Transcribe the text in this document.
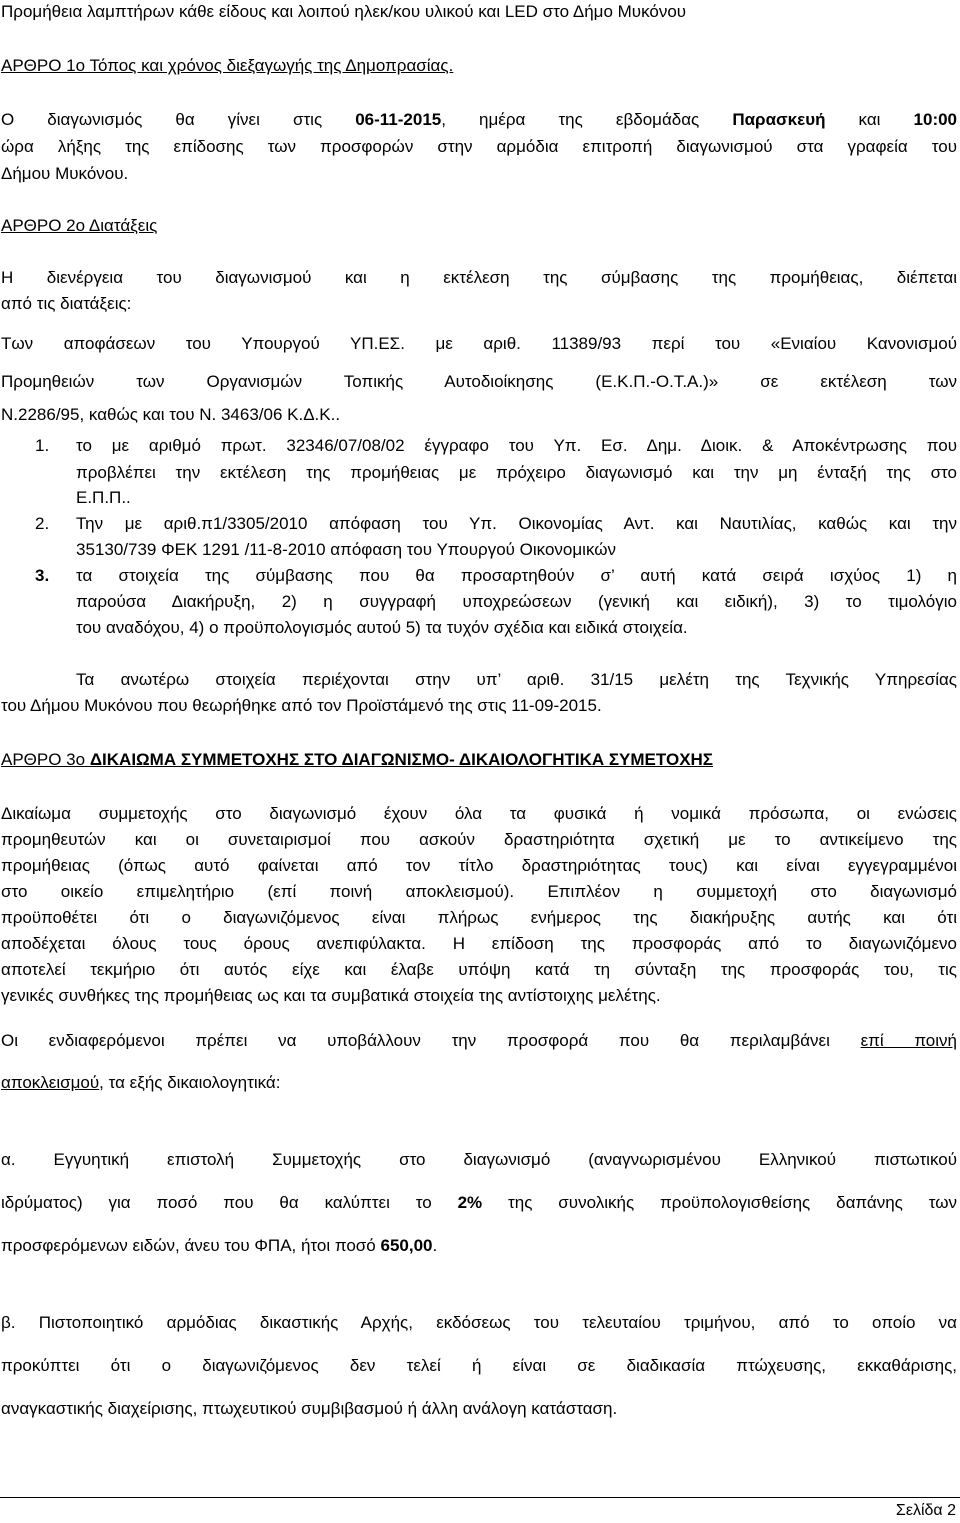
Προμήθεια λαμπτήρων κάθε είδους και λοιπού ηλεκ/κου υλικού και LED στο Δήμο Μυκόνου

ΑΡΘΡΟ 1ο Τόπος και χρόνος διεξαγωγής της Δημοπρασίας.

Ο διαγωνισμός θα γίνει στις 06-11-2015, ημέρα της εβδομάδας Παρασκευή και 10:00

ώρα λήξης της επίδοσης των προσφορών στην αρμόδια επιτροπή διαγωνισμού στα γραφεία του

Δήμου Μυκόνου.

ΑΡΘΡΟ 2ο Διατάξεις

Η διενέργεια του διαγωνισμού και η εκτέλεση της σύμβασης της προμήθειας, διέπεται

από τις διατάξεις:

Των αποφάσεων του Υπουργού ΥΠ.ΕΣ. με αριθ. 11389/93 περί του «Ενιαίου Κανονισμού

Προμηθειών των Οργανισμών Τοπικής Αυτοδιοίκησης (Ε.Κ.Π.-Ο.Τ.Α.)» σε εκτέλεση των

Ν.2286/95, καθώς και του Ν. 3463/06 Κ.Δ.Κ..

1. το με αριθμό πρωτ. 32346/07/08/02 έγγραφο του Υπ. Εσ. Δημ. Διοικ. & Αποκέντρωσης που

προβλέπει την εκτέλεση της προμήθειας με πρόχειρο διαγωνισμό και την μη ένταξή της στο

Ε.Π.Π..

2. Την με αριθ.π1/3305/2010 απόφαση του Υπ. Οικονομίας Αντ. και Ναυτιλίας, καθώς και την

35130/739 ΦΕΚ 1291 /11-8-2010 απόφαση του Υπουργού Οικονομικών

3. τα στοιχεία της σύμβασης που θα προσαρτηθούν σ’ αυτή κατά σειρά ισχύος 1) η

παρούσα Διακήρυξη, 2) η συγγραφή υποχρεώσεων (γενική και ειδική), 3) το τιμολόγιο

του αναδόχου, 4) ο προϋπολογισμός αυτού 5) τα τυχόν σχέδια και ειδικά στοιχεία.

Τα ανωτέρω στοιχεία περιέχονται στην υπ’ αριθ. 31/15 μελέτη της Τεχνικής Υπηρεσίας

του Δήμου Μυκόνου που θεωρήθηκε από τον Προϊστάμενό της στις 11-09-2015.

ΑΡΘΡΟ 3ο ΔΙΚΑΙΩΜΑ ΣΥΜΜΕΤΟΧΗΣ ΣΤΟ ΔΙΑΓΩΝΙΣΜΟ- ΔΙΚΑΙΟΛΟΓΗΤΙΚΑ ΣΥΜΕΤΟΧΗΣ

Δικαίωμα συμμετοχής στο διαγωνισμό έχουν όλα τα φυσικά ή νομικά πρόσωπα, οι ενώσεις

προμηθευτών και οι συνεταιρισμοί που ασκούν δραστηριότητα σχετική με το αντικείμενο της

προμήθειας (όπως αυτό φαίνεται από τον τίτλο δραστηριότητας τους) και είναι εγγεγραμμένοι

στο οικείο επιμελητήριο (επί ποινή αποκλεισμού). Επιπλέον η συμμετοχή στο διαγωνισμό

προϋποθέτει ότι ο διαγωνιζόμενος είναι πλήρως ενήμερος της διακήρυξης αυτής και ότι

αποδέχεται όλους τους όρους ανεπιφύλακτα. Η επίδοση της προσφοράς από το διαγωνιζόμενο

αποτελεί τεκμήριο ότι αυτός είχε και έλαβε υπόψη κατά τη σύνταξη της προσφοράς του, τις

γενικές συνθήκες της προμήθειας ως και τα συμβατικά στοιχεία της αντίστοιχης μελέτης.

Οι ενδιαφερόμενοι πρέπει να υποβάλλουν την προσφορά που θα περιλαμβάνει επί ποινή

αποκλεισμού, τα εξής δικαιολογητικά:

α. Εγγυητική επιστολή Συμμετοχής στο διαγωνισμό (αναγνωρισμένου Ελληνικού πιστωτικού

ιδρύματος) για ποσό που θα καλύπτει το 2% της συνολικής προϋπολογισθείσης δαπάνης των

προσφερόμενων ειδών, άνευ του ΦΠΑ, ήτοι ποσό 650,00.

β. Πιστοποιητικό αρμόδιας δικαστικής Αρχής, εκδόσεως του τελευταίου τριμήνου, από το οποίο να

προκύπτει ότι ο διαγωνιζόμενος δεν τελεί ή είναι σε διαδικασία πτώχευσης, εκκαθάρισης,

αναγκαστικής διαχείρισης, πτωχευτικού συμβιβασμού ή άλλη ανάλογη κατάσταση.

Σελίδα 2
